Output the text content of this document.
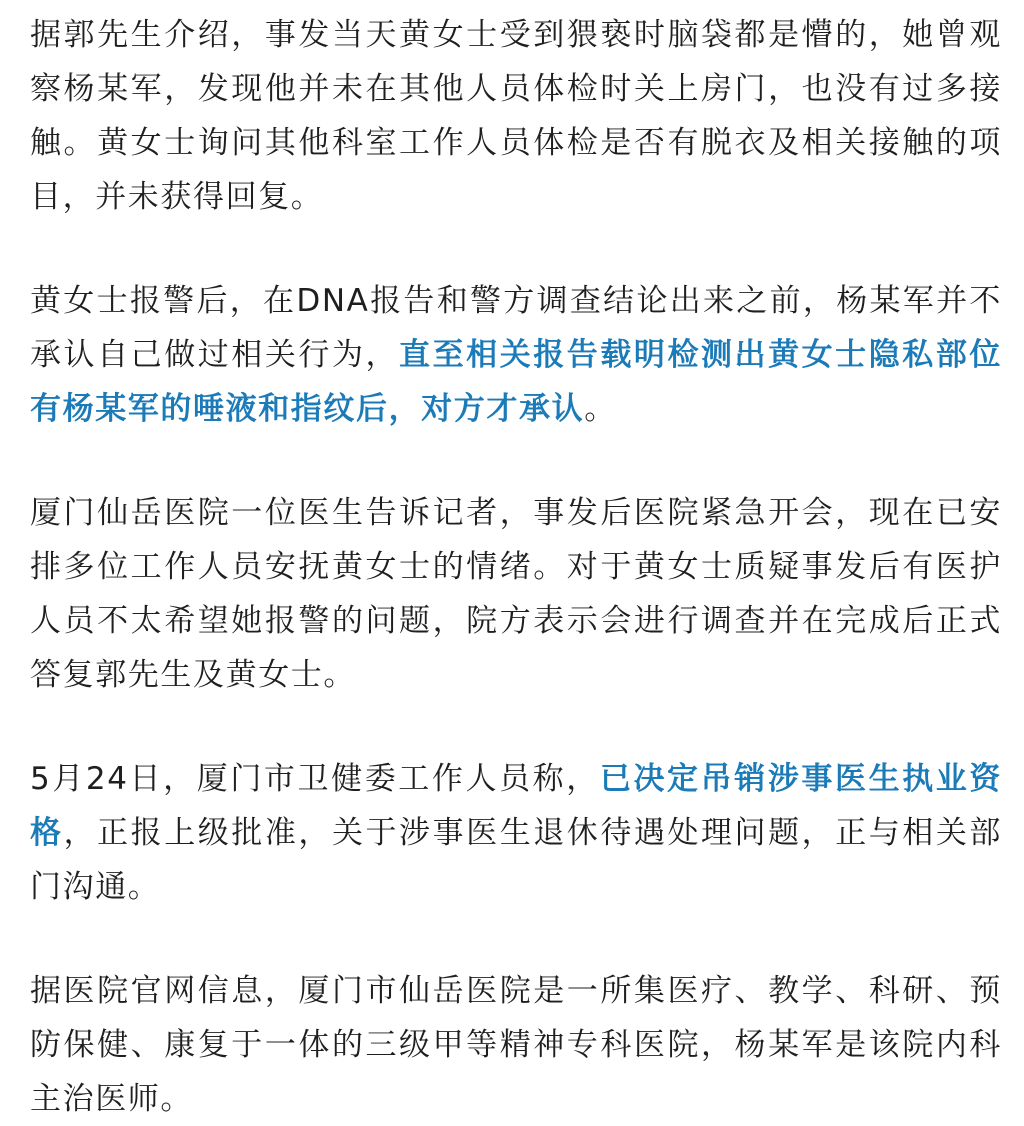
据郭先生介绍，事发当天黄女士受到猥亵时脑袋都是懵的，她曾观察杨某军，发现他并未在其他人员体检时关上房门，也没有过多接触。黄女士询问其他科室工作人员体检是否有脱衣及相关接触的项目，并未获得回复。

黄女士报警后，在DNA报告和警方调查结论出来之前，杨某军并不承认自己做过相关行为，直至相关报告载明检测出黄女士隐私部位有杨某军的唾液和指纹后，对方才承认。

厦门仙岳医院一位医生告诉记者，事发后医院紧急开会，现在已安排多位工作人员安抚黄女士的情绪。对于黄女士质疑事发后有医护人员不太希望她报警的问题，院方表示会进行调查并在完成后正式答复郭先生及黄女士。

5月24日，厦门市卫健委工作人员称，已决定吊销涉事医生执业资格，正报上级批准，关于涉事医生退休待遇处理问题，正与相关部门沟通。

据医院官网信息，厦门市仙岳医院是一所集医疗、教学、科研、预防保健、康复于一体的三级甲等精神专科医院，杨某军是该院内科主治医师。
